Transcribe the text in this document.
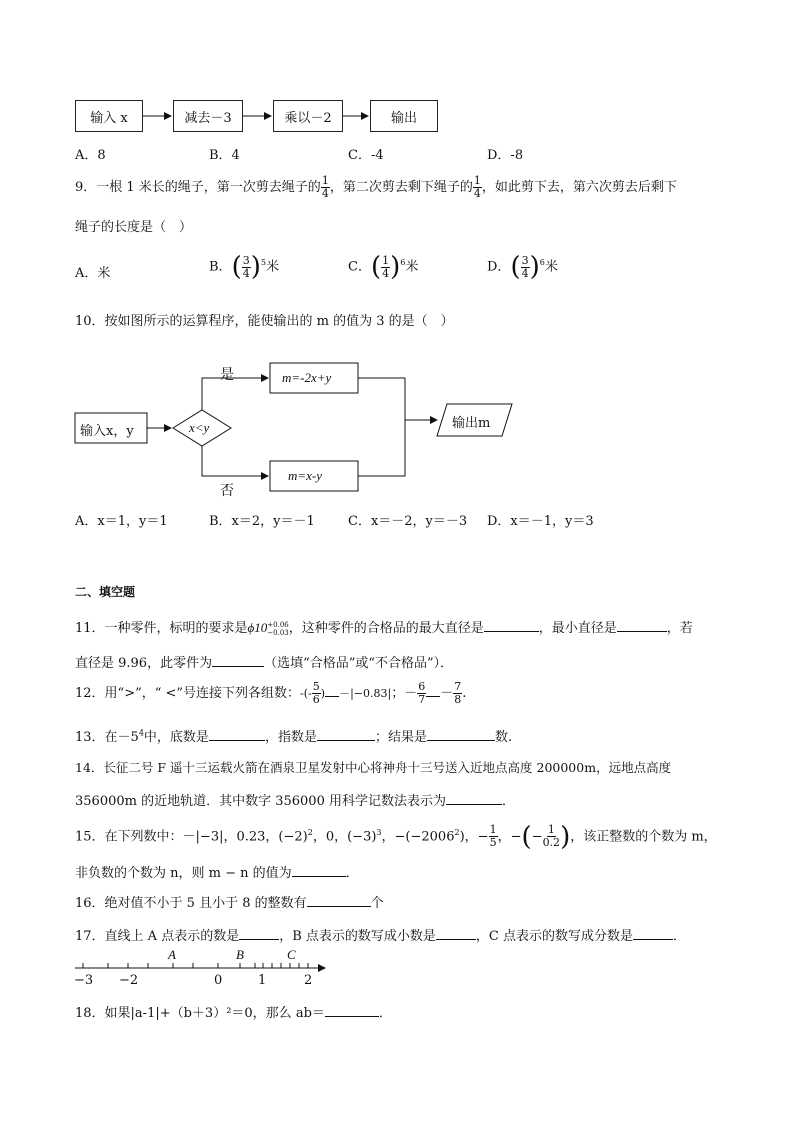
输入 x	减去－3	乘以－2	输出
A．8	B．4	C．-4	D．-8
9．一根 1 米长的绳子，第一次剪去绳子的 $\frac{1}{4}$ ，第二次剪去剩下绳子的 $\frac{1}{4}$ ，如此剪下去，第六次剪去后剩下
绳子的长度是（　）
A．米	B．( $\frac{3}{4} )^5$米	C．( $\frac{1}{4} )^6$米	D．( $\frac{3}{4} )^6$米
10．按如图所示的运算程序，能使输出的 m 的值为 3 的是（　）
输入x，y	x<y
是
否
m=-2x+y
m=x-y
输出m
A．x＝1，y＝1	B．x＝2，y＝－1	C．x＝－2，y＝－3 D．x＝－1，y＝3
二、填空题
11．一种零件，标明的要求是ϕ10 +0.06
−0.03 ，这种零件的合格品的最大直径是	，最小直径是	，若
直径是 9.96，此零件为	（选填“合格品”或“不合格品”）．
12．用“>”，“ <”号连接下列各组数：-(- $\frac{5}{6}$ ) －|−0.83|；－ $\frac{6}{7} - \frac{7}{8}$ .
13．在$-5^4$中，底数是	，指数是	；结果是	数.
14．长征二号 F 遥十三运载火箭在酒泉卫星发射中心将神舟十三号送入近地点高度 200000m，远地点高度
356000m 的近地轨道．其中数字 356000 用科学记数法表示为	．
15．在下列数中：－|−3|，0.23，$(-2)^2$，0，$(-3)^3$，$-(-2006^2)$，− $\frac{1}{5}$ ，−(− $\frac{1}{0.2}$ )，该正整数的个数为 m，
非负数的个数为 n，则 m − n 的值为	．
16．绝对值不小于 5 且小于 8 的整数有	个
17．直线上 A 点表示的数是	，B 点表示的数写成小数是	，C 点表示的数写成分数是	．
A	B	C
−3 −2	0	1	2
18．如果|a-1|+（b＋3）²＝0，那么 ab＝	．
